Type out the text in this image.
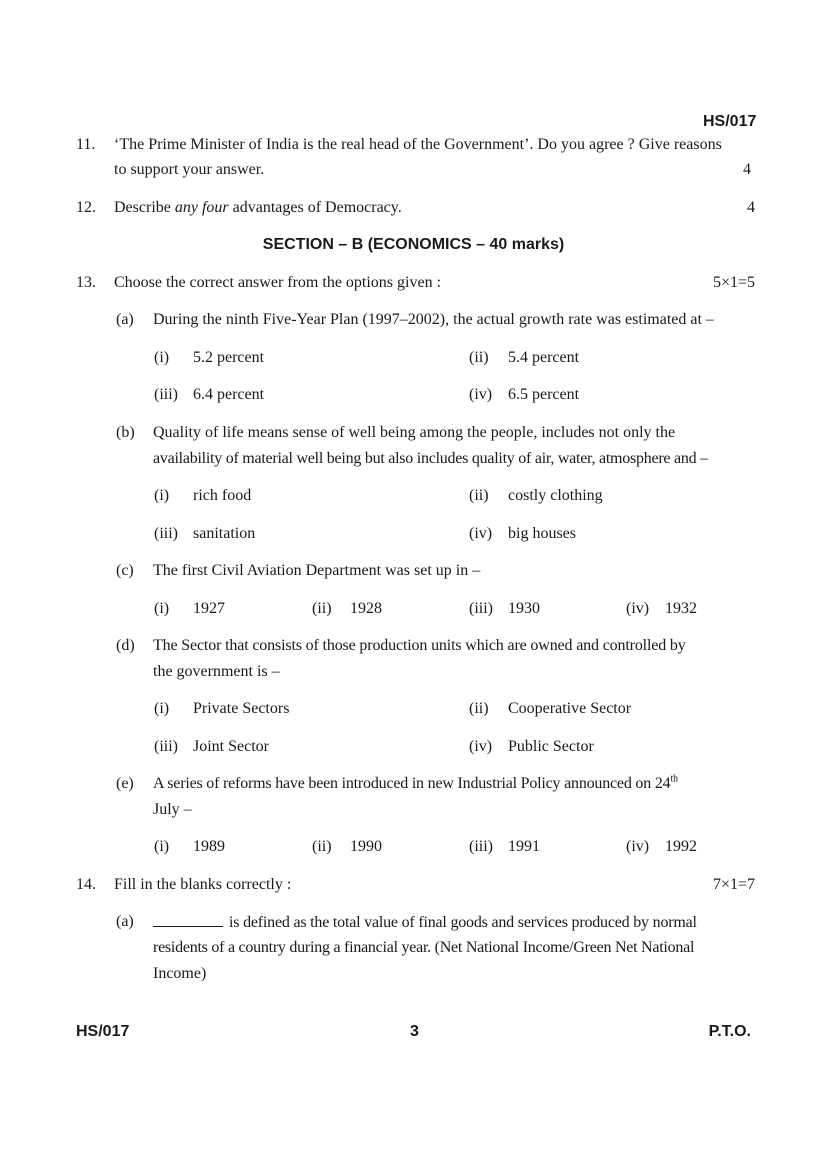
HS/017
11. ‘The Prime Minister of India is the real head of the Government’. Do you agree ? Give reasons
to support your answer.	4
12. Describe any four advantages of Democracy.	4
SECTION – B (ECONOMICS – 40 marks)
13. Choose the correct answer from the options given :	5×1=5
(a) During the ninth Five-Year Plan (1997–2002), the actual growth rate was estimated at –
(i) 5.2 percent	(ii) 5.4 percent
(iii) 6.4 percent	(iv) 6.5 percent
(b) Quality of life means sense of well being among the people, includes not only the
availability of material well being but also includes quality of air, water, atmosphere and –
(i) rich food	(ii) costly clothing
(iii) sanitation	(iv) big houses
(c) The first Civil Aviation Department was set up in –
(i) 1927	(ii) 1928	(iii) 1930	(iv) 1932
(d) The Sector that consists of those production units which are owned and controlled by
the government is –
(i) Private Sectors	(ii) Cooperative Sector
(iii) Joint Sector	(iv) Public Sector
(e) A series of reforms have been introduced in new Industrial Policy announced on 24th
July –
(i) 1989	(ii) 1990	(iii) 1991	(iv) 1992
14. Fill in the blanks correctly :	7×1=7
(a)	is defined as the total value of final goods and services produced by normal
residents of a country during a financial year. (Net National Income/Green Net National
Income)
HS/017	3	P.T.O.
